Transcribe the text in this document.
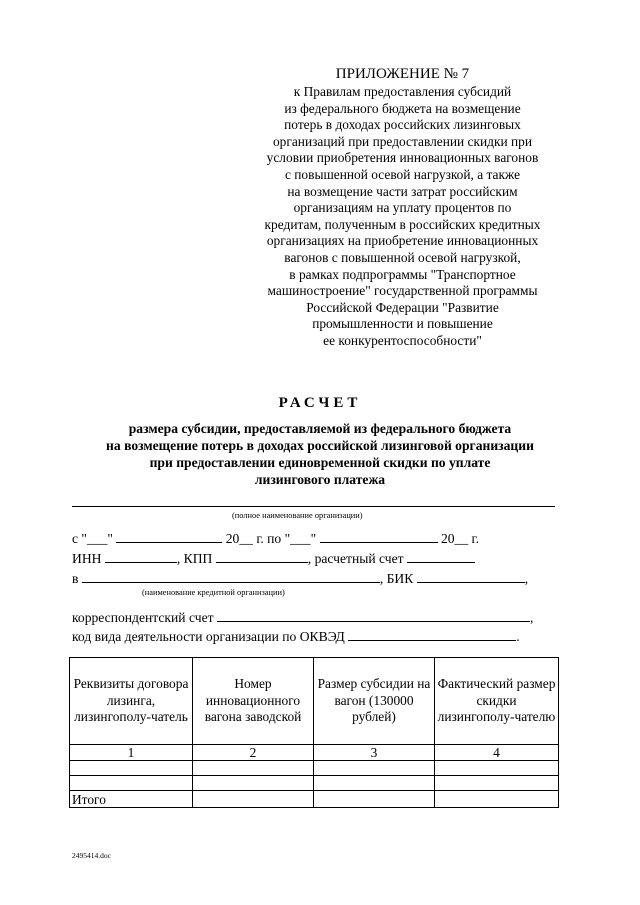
ПРИЛОЖЕНИЕ № 7
к Правилам предоставления субсидий
из федерального бюджета на возмещение
потерь в доходах российских лизинговых
организаций при предоставлении скидки при
условии приобретения инновационных вагонов
с повышенной осевой нагрузкой, а также
на возмещение части затрат российским
организациям на уплату процентов по
кредитам, полученным в российских кредитных
организациях на приобретение инновационных
вагонов с повышенной осевой нагрузкой,
в рамках подпрограммы "Транспортное
машиностроение" государственной программы
Российской Федерации "Развитие
промышленности и повышение
ее конкурентоспособности"
РАСЧЕТ
размера субсидии, предоставляемой из федерального бюджета
на возмещение потерь в доходах российской лизинговой организации
при предоставлении единовременной скидки по уплате
лизингового платежа
(полное наименование организации)
с "___"	20__ г. по "___"	20__ г.
ИНН	, КПП	, расчетный счет
в	, БИК	,
(наименование кредитной организации)
корреспондентский счет	,
код вида деятельности организации по ОКВЭД	.
Реквизиты договора лизинга, лизингополу-чатель	Номер инновационного вагона заводской	Размер субсидии на вагон (130000 рублей)	Фактический размер скидки лизингополу-чателю
1	2	3	4

Итого			
2495414.doc
